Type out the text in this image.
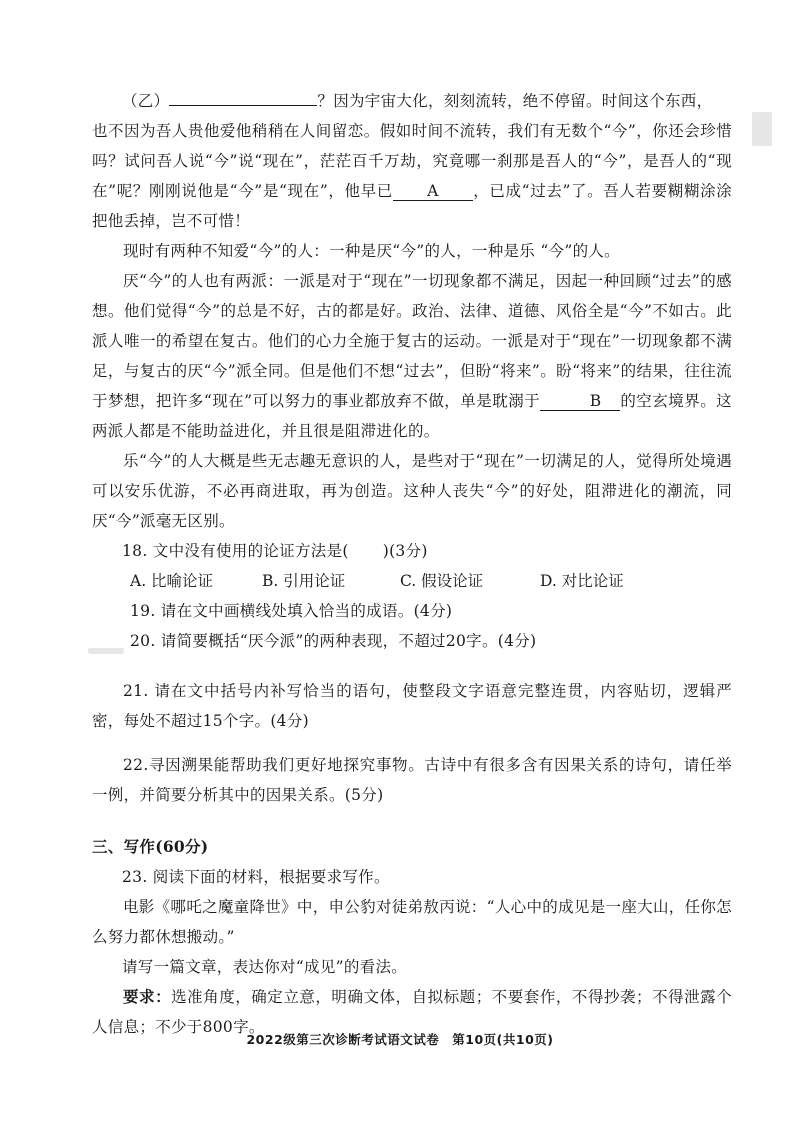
（乙）	？因为宇宙大化，刻刻流转，绝不停留。时间这个东西，

也不因为吾人贵他爱他稍稍在人间留恋。假如时间不流转，我们有无数个“今”，你还会珍惜吗？试问吾人说“今”说“现在”，茫茫百千万劫，究竟哪一刹那是吾人的“今”，是吾人的“现在”呢？刚刚说他是“今”是“现在”，他早已 A ，已成“过去”了。吾人若要糊糊涂涂把他丢掉，岂不可惜！

现时有两种不知爱“今”的人：一种是厌“今”的人，一种是乐 “今”的人。

厌“今”的人也有两派：一派是对于“现在”一切现象都不满足，因起一种回顾“过去”的感想。他们觉得“今”的总是不好，古的都是好。政治、法律、道德、风俗全是“今”不如古。此派人唯一的希望在复古。他们的心力全施于复古的运动。一派是对于“现在”一切现象都不满足，与复古的厌“今”派全同。但是他们不想“过去”，但盼“将来”。盼“将来”的结果，往往流于梦想，把许多“现在”可以努力的事业都放弃不做，单是耽溺于	B 的空玄境界。这两派人都是不能助益进化，并且很是阻滞进化的。

乐“今”的人大概是些无志趣无意识的人，是些对于“现在”一切满足的人，觉得所处境遇可以安乐优游，不必再商进取，再为创造。这种人丧失“今”的好处，阻滞进化的潮流，同厌“今”派毫无区别。

18. 文中没有使用的论证方法是( )(3分)
A. 比喻论证	B. 引用论证	C. 假设论证	D. 对比论证
19. 请在文中画横线处填入恰当的成语。(4分)
20. 请简要概括“厌今派”的两种表现，不超过20字。(4分)

21. 请在文中括号内补写恰当的语句，使整段文字语意完整连贯，内容贴切，逻辑严密，每处不超过15个字。(4分)

22.寻因溯果能帮助我们更好地探究事物。古诗中有很多含有因果关系的诗句，请任举一例，并简要分析其中的因果关系。(5分)

三、写作(60分)
23. 阅读下面的材料，根据要求写作。

电影《哪吒之魔童降世》中，申公豹对徒弟敖丙说：“人心中的成见是一座大山，任你怎么努力都休想搬动。”

请写一篇文章，表达你对“成见”的看法。

要求：选准角度，确定立意，明确文体，自拟标题；不要套作，不得抄袭；不得泄露个人信息；不少于800字。

2022级第三次诊断考试语文试卷　第10页(共10页)
